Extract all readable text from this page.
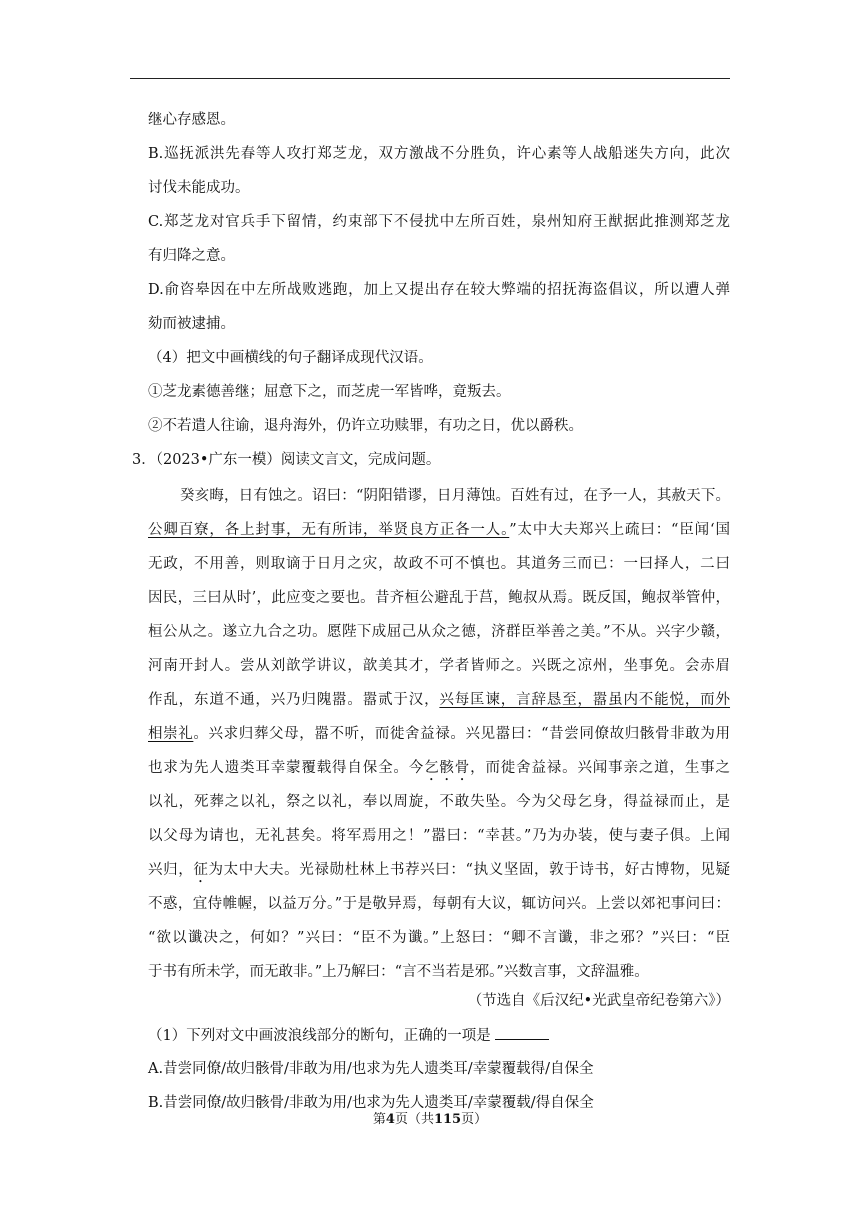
继心存感恩。
B.巡抚派洪先春等人攻打郑芝龙，双方激战不分胜负，许心素等人战船迷失方向，此次
讨伐未能成功。
C.郑芝龙对官兵手下留情，约束部下不侵扰中左所百姓，泉州知府王猷据此推测郑芝龙
有归降之意。
D.俞咨皋因在中左所战败逃跑，加上又提出存在较大弊端的招抚海盗倡议，所以遭人弹
劾而被逮捕。
（4）把文中画横线的句子翻译成现代汉语。
①芝龙素德善继；屈意下之，而芝虎一军皆哗，竟叛去。
②不若遣人往谕，退舟海外，仍许立功赎罪，有功之日，优以爵秩。
3．（2023•广东一模）阅读文言文，完成问题。
癸亥晦，日有蚀之。诏曰：“阴阳错谬，日月薄蚀。百姓有过，在予一人，其赦天下。
公卿百寮，各上封事，无有所讳，举贤良方正各一人。”太中大夫郑兴上疏曰：“臣闻‘国
无政，不用善，则取谪于日月之灾，故政不可不慎也。其道务三而已：一曰择人，二曰
因民，三曰从时’，此应变之要也。昔齐桓公避乱于莒，鲍叔从焉。既反国，鲍叔举管仲，
桓公从之。遂立九合之功。愿陛下成屈己从众之德，济群臣举善之美。”不从。兴字少赣，
河南开封人。尝从刘歆学讲议，歆美其才，学者皆师之。兴既之凉州，坐事免。会赤眉
作乱，东道不通，兴乃归隗嚣。嚣贰于汉，兴每匡谏，言辞恳至，嚣虽内不能悦，而外
相崇礼。兴求归葬父母，嚣不听，而徙舍益禄。兴见嚣曰：“昔尝同僚故归骸骨非敢为用
也求为先人遗类耳幸蒙覆载得自保全。今乞骸骨，而徙舍益禄。兴闻事亲之道，生事之
以礼，死葬之以礼，祭之以礼，奉以周旋，不敢失坠。今为父母乞身，得益禄而止，是
以父母为请也，无礼甚矣。将军焉用之！”嚣曰：“幸甚。”乃为办装，使与妻子俱。上闻
兴归，征为太中大夫。光禄勋杜林上书荐兴曰：“执义坚固，敦于诗书，好古博物，见疑
不惑，宜侍帷幄，以益万分。”于是敬异焉，每朝有大议，辄访问兴。上尝以郊祀事问曰：
“欲以谶决之，何如？”兴曰：“臣不为谶。”上怒曰：“卿不言谶，非之邪？”兴曰：“臣
于书有所未学，而无敢非。”上乃解曰：“言不当若是邪。”兴数言事，文辞温雅。
（节选自《后汉纪•光武皇帝纪卷第六》）
（1）下列对文中画波浪线部分的断句，正确的一项是
A.昔尝同僚/故归骸骨/非敢为用/也求为先人遗类耳/幸蒙覆载得/自保全
B.昔尝同僚/故归骸骨/非敢为用/也求为先人遗类耳/幸蒙覆载/得自保全
第4页（共115页）
